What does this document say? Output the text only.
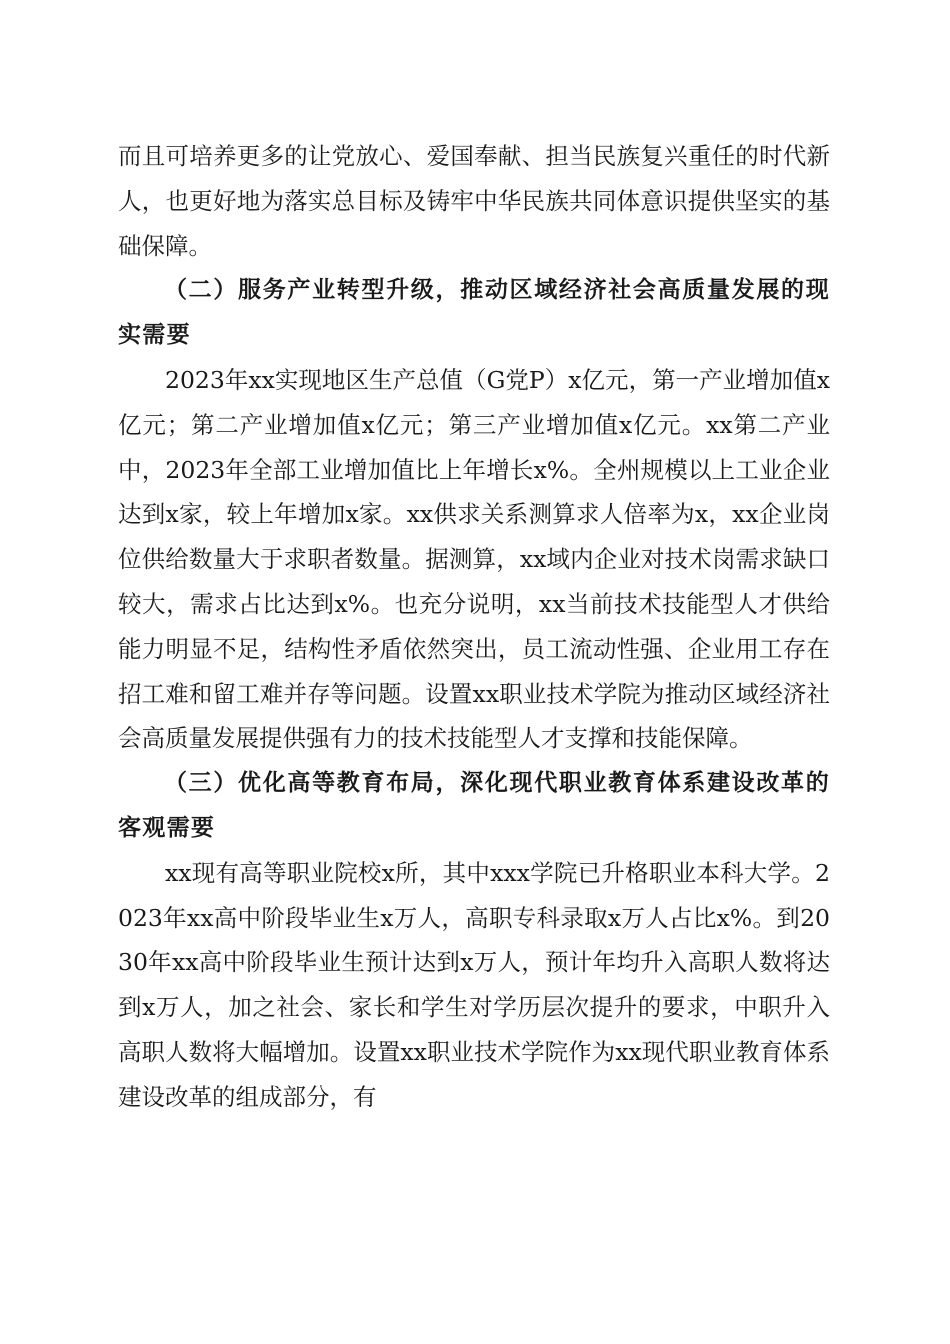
而且可培养更多的让党放心、爱国奉献、担当民族复兴重任的时代新人，也更好地为落实总目标及铸牢中华民族共同体意识提供坚实的基础保障。

（二）服务产业转型升级，推动区域经济社会高质量发展的现实需要

2023年xx实现地区生产总值（G党P）x亿元，第一产业增加值x亿元；第二产业增加值x亿元；第三产业增加值x亿元。xx第二产业中，2023年全部工业增加值比上年增长x%。全州规模以上工业企业达到x家，较上年增加x家。xx供求关系测算求人倍率为x，xx企业岗位供给数量大于求职者数量。据测算，xx域内企业对技术岗需求缺口较大，需求占比达到x%。也充分说明，xx当前技术技能型人才供给能力明显不足，结构性矛盾依然突出，员工流动性强、企业用工存在招工难和留工难并存等问题。设置xx职业技术学院为推动区域经济社会高质量发展提供强有力的技术技能型人才支撑和技能保障。

（三）优化高等教育布局，深化现代职业教育体系建设改革的客观需要

xx现有高等职业院校x所，其中xxx学院已升格职业本科大学。2023年xx高中阶段毕业生x万人，高职专科录取x万人占比x%。到2030年xx高中阶段毕业生预计达到x万人，预计年均升入高职人数将达到x万人，加之社会、家长和学生对学历层次提升的要求，中职升入高职人数将大幅增加。设置xx职业技术学院作为xx现代职业教育体系建设改革的组成部分，有
